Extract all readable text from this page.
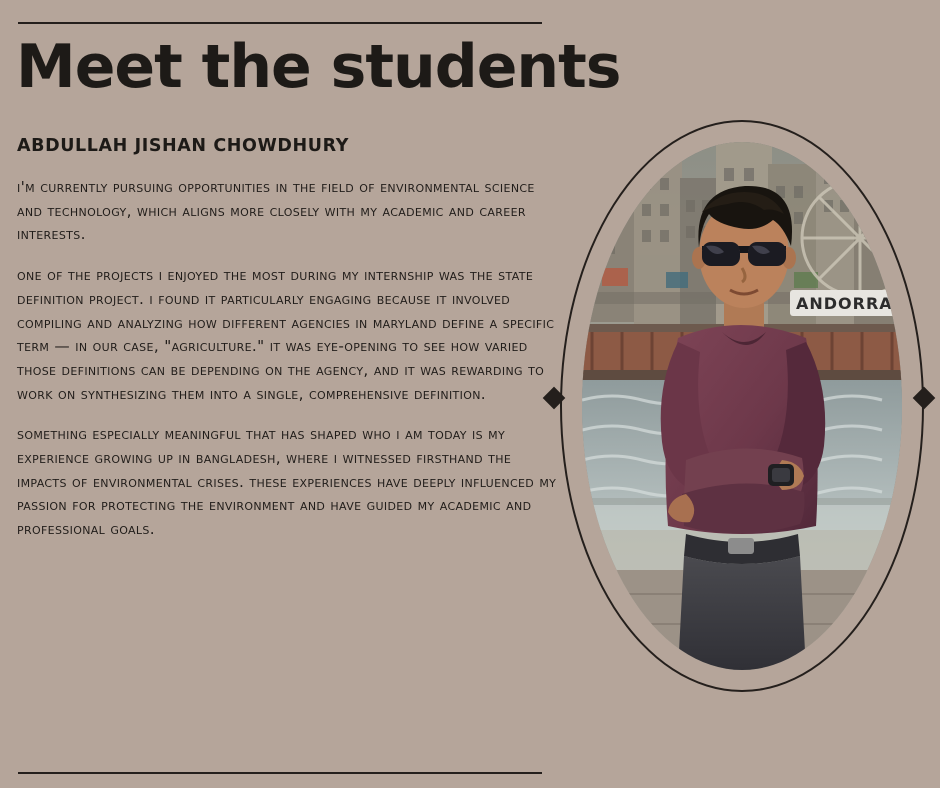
Meet the students
ABDULLAH JISHAN CHOWDHURY

i'm currently pursuing opportunities in the field of environmental science and technology, which aligns more closely with my academic and career interests.

one of the projects i enjoyed the most during my internship was the state definition project. i found it particularly engaging because it involved compiling and analyzing how different agencies in maryland define a specific term — in our case, "agriculture." it was eye-opening to see how varied those definitions can be depending on the agency, and it was rewarding to work on synthesizing them into a single, comprehensive definition.

something especially meaningful that has shaped who i am today is my experience growing up in bangladesh, where i witnessed firsthand the impacts of environmental crises. these experiences have deeply influenced my passion for protecting the environment and have guided my academic and professional goals.

ANDORRA
